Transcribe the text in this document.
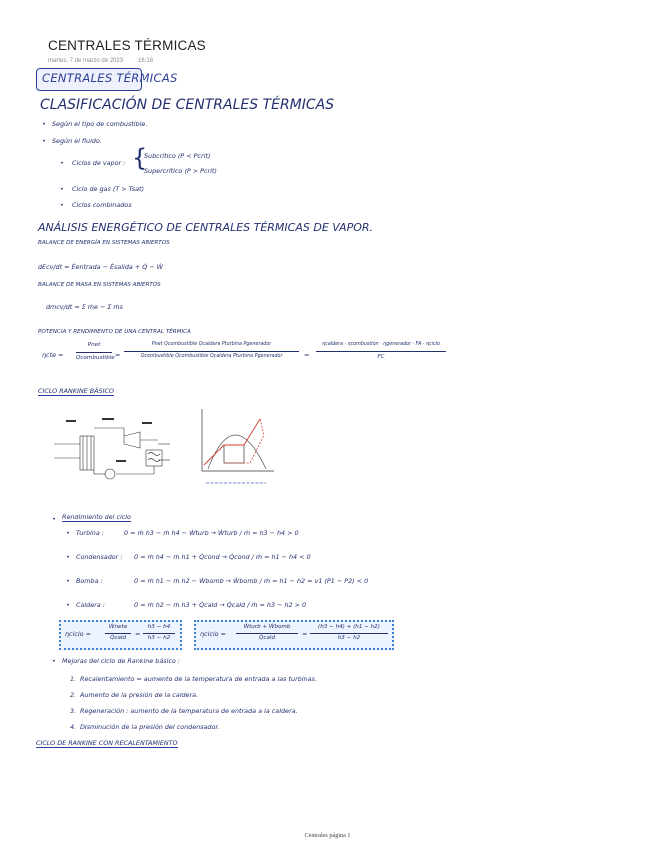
CENTRALES TÉRMICAS
martes, 7 de marzo de 2023 16:18
CENTRALES TÉRMICAS
CLASIFICACIÓN DE CENTRALES TÉRMICAS
• Según el tipo de combustible.
• Según el fluido.
• Ciclos de vapor : {
Subcrítico (P < Pcrit)
Supercrítico (P > Pcrit)
• Ciclo de gas (T > Tsat)
• Ciclos combinados
ANÁLISIS ENERGÉTICO DE CENTRALES TÉRMICAS DE VAPOR.
BALANCE DE ENERGÍA EN SISTEMAS ABIERTOS
dEcv/dt = Ėentrada − Ėsalida + Q̇ − Ẇ
BALANCE DE MASA EN SISTEMAS ABIERTOS
dmcv/dt = Σ ṁe − Σ ṁs
POTENCIA Y RENDIMIENTO DE UNA CENTRAL TÉRMICA
ηcte =
Pnet
Qcombustible =
Pnet Qcombustible Qcaldera Pturbina Pgenerador
Qcombustible Qcombustible Qcaldera Pturbina Pgenerador	=
ηcaldera · ηcombustión · ηgenerador · FA · ηciclo
FC
CICLO RANKINE BÁSICO
• Rendimiento del ciclo
• Turbina :	0 = ṁ h3 − ṁ h4 − Ẇturb → Ẇturb / ṁ = h3 − h4 > 0
• Condensador : 0 = ṁ h4 − ṁ h1 + Q̇cond → Q̇cond / ṁ = h1 − h4 < 0
• Bomba :	0 = ṁ h1 − ṁ h2 − Ẇbomb → Ẇbomb / ṁ = h1 − h2 = v1 (P1 − P2) < 0
• Caldera :	0 = ṁ h2 − ṁ h3 + Q̇cald → Q̇cald / ṁ = h3 − h2 > 0
ηciclo =
Ẇneta
Q̇cald	=
h3 − h4
h3 − h2	ηciclo =
Ẇturb + Ẇbomb
Q̇cald	=
(h3 − h4) + (h1 − h2)
h3 − h2
• Mejoras del ciclo de Rankine básico :
1. Recalentamiento = aumento de la temperatura de entrada a las turbinas.
2. Aumento de la presión de la caldera.
3. Regeneración : aumento de la temperatura de entrada a la caldera.
4. Disminución de la presión del condensador.
CICLO DE RANKINE CON RECALENTAMIENTO
Centrales página 1
